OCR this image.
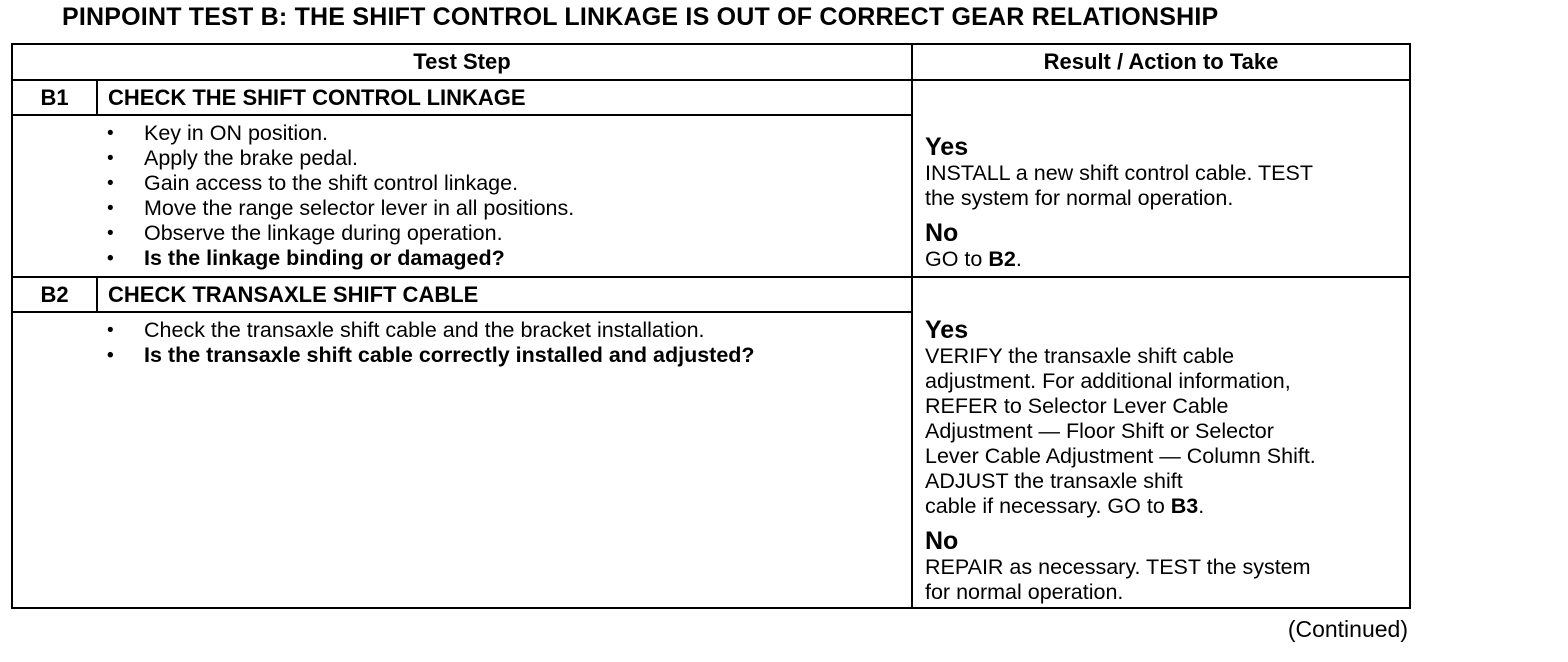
PINPOINT TEST B: THE SHIFT CONTROL LINKAGE IS OUT OF CORRECT GEAR RELATIONSHIP
Test Step	Result / Action to Take
B1	CHECK THE SHIFT CONTROL LINKAGE
• Key in ON position.
• Apply the brake pedal.
• Gain access to the shift control linkage.
• Move the range selector lever in all positions.
• Observe the linkage during operation.
• Is the linkage binding or damaged?
Yes
INSTALL a new shift control cable. TEST
the system for normal operation.
No
GO to B2.
B2	CHECK TRANSAXLE SHIFT CABLE
• Check the transaxle shift cable and the bracket installation.
• Is the transaxle shift cable correctly installed and adjusted?
Yes
VERIFY the transaxle shift cable
adjustment. For additional information,
REFER to Selector Lever Cable
Adjustment — Floor Shift or Selector
Lever Cable Adjustment — Column Shift.
ADJUST the transaxle shift
cable if necessary. GO to B3.
No
REPAIR as necessary. TEST the system
for normal operation.
(Continued)
